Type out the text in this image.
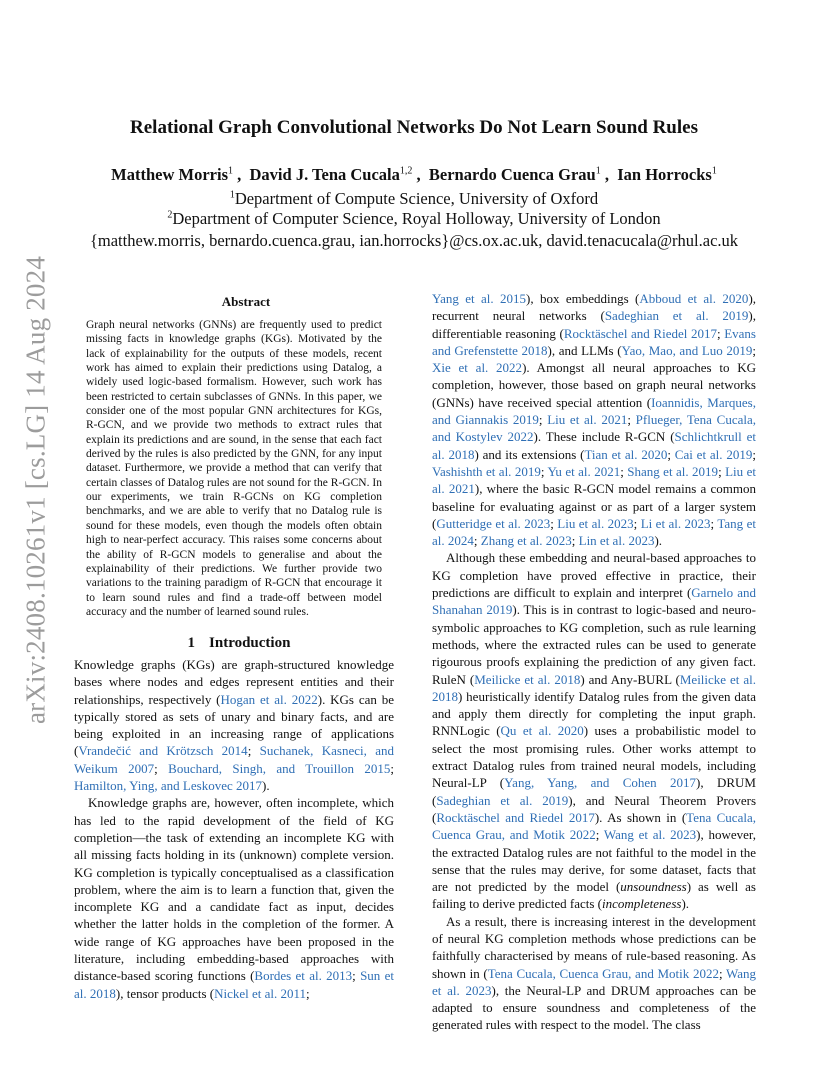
arXiv:2408.10261v1 [cs.LG] 14 Aug 2024
Relational Graph Convolutional Networks Do Not Learn Sound Rules
Matthew Morris$^1$ ,  David J. Tena Cucala$^{1,2}$ ,  Bernardo Cuenca Grau$^1$ ,  Ian Horrocks$^1$
$^1$Department of Compute Science, University of Oxford
$^2$Department of Computer Science, Royal Holloway, University of London
{matthew.morris, bernardo.cuenca.grau, ian.horrocks}@cs.ox.ac.uk, david.tenacucala@rhul.ac.uk
Abstract
Graph neural networks (GNNs) are frequently used to predict missing facts in knowledge graphs (KGs). Motivated by the lack of explainability for the outputs of these models, recent work has aimed to explain their predictions using Datalog, a widely used logic-based formalism. However, such work has been restricted to certain subclasses of GNNs. In this paper, we consider one of the most popular GNN architectures for KGs, R-GCN, and we provide two methods to extract rules that explain its predictions and are sound, in the sense that each fact derived by the rules is also predicted by the GNN, for any input dataset. Furthermore, we provide a method that can verify that certain classes of Datalog rules are not sound for the R-GCN. In our experiments, we train R-GCNs on KG completion benchmarks, and we are able to verify that no Datalog rule is sound for these models, even though the models often obtain high to near-perfect accuracy. This raises some concerns about the ability of R-GCN models to generalise and about the explainability of their predictions. We further provide two variations to the training paradigm of R-GCN that encourage it to learn sound rules and find a trade-off between model accuracy and the number of learned sound rules.
1 Introduction

Knowledge graphs (KGs) are graph-structured knowledge bases where nodes and edges represent entities and their relationships, respectively (Hogan et al. 2022). KGs can be typically stored as sets of unary and binary facts, and are being exploited in an increasing range of applications (Vrandečić and Krötzsch 2014; Suchanek, Kasneci, and Weikum 2007; Bouchard, Singh, and Trouillon 2015; Hamilton, Ying, and Leskovec 2017).

Knowledge graphs are, however, often incomplete, which has led to the rapid development of the field of KG completion—the task of extending an incomplete KG with all missing facts holding in its (unknown) complete version. KG completion is typically conceptualised as a classification problem, where the aim is to learn a function that, given the incomplete KG and a candidate fact as input, decides whether the latter holds in the completion of the former. A wide range of KG approaches have been proposed in the literature, including embedding-based approaches with distance-based scoring functions (Bordes et al. 2013; Sun et al. 2018), tensor products (Nickel et al. 2011;

Yang et al. 2015), box embeddings (Abboud et al. 2020), recurrent neural networks (Sadeghian et al. 2019), differentiable reasoning (Rocktäschel and Riedel 2017; Evans and Grefenstette 2018), and LLMs (Yao, Mao, and Luo 2019; Xie et al. 2022). Amongst all neural approaches to KG completion, however, those based on graph neural networks (GNNs) have received special attention (Ioannidis, Marques, and Giannakis 2019; Liu et al. 2021; Pflueger, Tena Cucala, and Kostylev 2022). These include R-GCN (Schlichtkrull et al. 2018) and its extensions (Tian et al. 2020; Cai et al. 2019; Vashishth et al. 2019; Yu et al. 2021; Shang et al. 2019; Liu et al. 2021), where the basic R-GCN model remains a common baseline for evaluating against or as part of a larger system (Gutteridge et al. 2023; Liu et al. 2023; Li et al. 2023; Tang et al. 2024; Zhang et al. 2023; Lin et al. 2023).

Although these embedding and neural-based approaches to KG completion have proved effective in practice, their predictions are difficult to explain and interpret (Garnelo and Shanahan 2019). This is in contrast to logic-based and neuro-symbolic approaches to KG completion, such as rule learning methods, where the extracted rules can be used to generate rigourous proofs explaining the prediction of any given fact. RuleN (Meilicke et al. 2018) and Any-BURL (Meilicke et al. 2018) heuristically identify Datalog rules from the given data and apply them directly for completing the input graph. RNNLogic (Qu et al. 2020) uses a probabilistic model to select the most promising rules. Other works attempt to extract Datalog rules from trained neural models, including Neural-LP (Yang, Yang, and Cohen 2017), DRUM (Sadeghian et al. 2019), and Neural Theorem Provers (Rocktäschel and Riedel 2017). As shown in (Tena Cucala, Cuenca Grau, and Motik 2022; Wang et al. 2023), however, the extracted Datalog rules are not faithful to the model in the sense that the rules may derive, for some dataset, facts that are not predicted by the model (unsoundness) as well as failing to derive predicted facts (incompleteness).

As a result, there is increasing interest in the development of neural KG completion methods whose predictions can be faithfully characterised by means of rule-based reasoning. As shown in (Tena Cucala, Cuenca Grau, and Motik 2022; Wang et al. 2023), the Neural-LP and DRUM approaches can be adapted to ensure soundness and completeness of the generated rules with respect to the model. The class
